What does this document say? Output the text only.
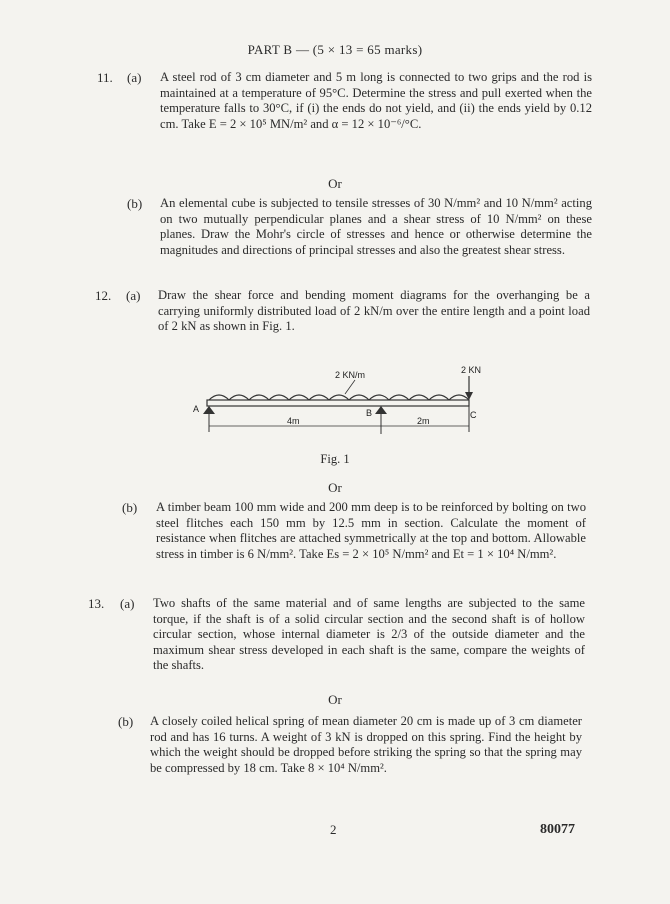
PART B — (5 × 13 = 65 marks)
11. (a) A steel rod of 3 cm diameter and 5 m long is connected to two grips and the rod is maintained at a temperature of 95°C. Determine the stress and pull exerted when the temperature falls to 30°C, if (i) the ends do not yield, and (ii) the ends yield by 0.12 cm. Take E = 2 × 10⁵ MN/m² and α = 12 × 10⁻⁶/°C.
Or
(b) An elemental cube is subjected to tensile stresses of 30 N/mm² and 10 N/mm² acting on two mutually perpendicular planes and a shear stress of 10 N/mm² on these planes. Draw the Mohr's circle of stresses and hence or otherwise determine the magnitudes and directions of principal stresses and also the greatest shear stress.
12. (a) Draw the shear force and bending moment diagrams for the overhanging be a carrying uniformly distributed load of 2 kN/m over the entire length and a point load of 2 kN as shown in Fig. 1.
2 KN/m	2 KN
A	B	C
4m	2m
Fig. 1
Or
(b) A timber beam 100 mm wide and 200 mm deep is to be reinforced by bolting on two steel flitches each 150 mm by 12.5 mm in section. Calculate the moment of resistance when flitches are attached symmetrically at the top and bottom. Allowable stress in timber is 6 N/mm². Take Es = 2 × 10⁵ N/mm² and Et = 1 × 10⁴ N/mm².
13. (a) Two shafts of the same material and of same lengths are subjected to the same torque, if the shaft is of a solid circular section and the second shaft is of hollow circular section, whose internal diameter is 2/3 of the outside diameter and the maximum shear stress developed in each shaft is the same, compare the weights of the shafts.
Or
(b) A closely coiled helical spring of mean diameter 20 cm is made up of 3 cm diameter rod and has 16 turns. A weight of 3 kN is dropped on this spring. Find the height by which the weight should be dropped before striking the spring so that the spring may be compressed by 18 cm. Take 8 × 10⁴ N/mm².
2	80077
